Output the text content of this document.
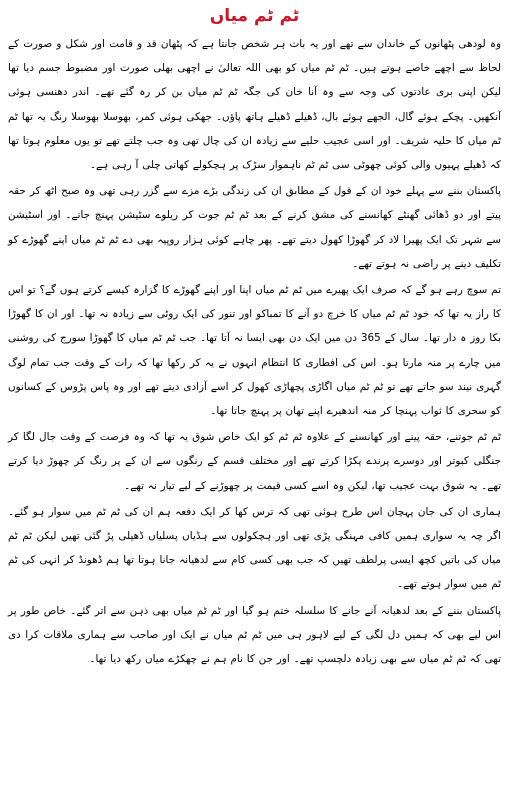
ٹم ٹم میاں

وہ لودھی پٹھانوں کے خاندان سے تھے اور یہ بات ہر شخص جانتا ہے کہ پٹھان قد و قامت اور شکل و صورت کے لحاظ سے اچھے خاصے ہوتے ہیں۔ ٹم ٹم میاں کو بھی اللہ تعالیٰ نے اچھی بھلی صورت اور مضبوط جسم دیا تھا لیکن اپنی بری عادتوں کی وجہ سے وہ آنا خان کی جگہ ٹم ٹم میاں بن کر رہ گئے تھے۔ اندر دھنسی ہوئی آنکھیں۔ پچکے ہوئے گال، الجھے ہوئے بال، ڈھیلے ڈھیلے ہاتھ پاؤں۔ جھکی ہوئی کمر، بھوسلا بھوسلا رنگ یہ تھا ٹم ٹم میاں کا حلیہ شریف۔ اور اسی عجیب حلیے سے زیادہ ان کی چال تھی وہ جب چلتے تھے تو یوں معلوم ہوتا تھا کہ ڈھیلے پہیوں والی کوئی چھوٹی سی ٹم ٹم ناہموار سڑک پر ہچکولے کھاتی چلی آ رہی ہے۔

پاکستان بننے سے پہلے خود ان کے قول کے مطابق ان کی زندگی بڑے مزے سے گزر رہی تھی وہ صبح اٹھ کر حقہ پیتے اور دو ڈھائی گھنٹے کھانسنے کی مشق کرنے کے بعد ٹم ٹم جوت کر ریلوے سٹیشن پہنچ جاتے۔ اور اسٹیشن سے شہر تک ایک پھیرا لاد کر گھوڑا کھول دیتے تھے۔ پھر چاہے کوئی ہزار روپیہ بھی دے ٹم ٹم میاں اپنے گھوڑے کو تکلیف دینے پر راضی نہ ہوتے تھے۔

تم سوچ رہے ہو گے کہ صرف ایک پھیرے میں ٹم ٹم میاں اپنا اور اپنے گھوڑے کا گزارہ کیسے کرتے ہوں گے؟ تو اس کا راز یہ تھا کہ خود ٹم ٹم میاں کا خرچ دو آنے کا تمباکو اور تنور کی ایک روٹی سے زیادہ نہ تھا۔ اور ان کا گھوڑا بکا روز ہ دار تھا۔ سال کے 365 دن میں ایک دن بھی ایسا نہ آتا تھا۔ جب ٹم ٹم میاں کا گھوڑا سورج کی روشنی میں چارے پر منہ مارتا ہو۔ اس کی افطاری کا انتظام انہوں نے یہ کر رکھا تھا کہ رات کے وقت جب تمام لوگ گہری نیند سو جاتے تھے تو ٹم ٹم میاں اگاڑی پچھاڑی کھول کر اسے آزادی دیتے تھے اور وہ پاس پڑوس کے کسانوں کو سحری کا ثواب پہنچا کر منہ اندھیرے اپنے تھان پر پہنچ جاتا تھا۔

ٹم ٹم جوتنے، حقہ پینے اور کھانسنے کے علاوہ ٹم ٹم کو ایک خاص شوق یہ تھا کہ وہ فرصت کے وقت جال لگا کر جنگلی کبوتر اور دوسرے پرندے پکڑا کرتے تھے اور مختلف قسم کے رنگوں سے ان کے پر رنگ کر چھوڑ دیا کرتے تھے۔ یہ شوق بہت عجیب تھا، لیکن وہ اسے کسی قیمت پر چھوڑنے کے لیے تیار نہ تھے۔

ہماری ان کی جان پہچان اس طرح ہوئی تھی کہ ترس کھا کر ایک دفعہ ہم ان کی ٹم ٹم میں سوار ہو گئے۔ اگر چہ یہ سواری ہمیں کافی مہنگی پڑی تھی اور ہچکولوں سے ہڈیاں پسلیاں ڈھیلی پڑ گئی تھیں لیکن ٹم ٹم میاں کی باتیں کچھ ایسی پرلطف تھیں کہ جب بھی کسی کام سے لدھیانہ جانا ہوتا تھا ہم ڈھونڈ کر انہی کی ٹم ٹم میں سوار ہوتے تھے۔

پاکستان بننے کے بعد لدھیانہ آنے جانے کا سلسلہ ختم ہو گیا اور ٹم ٹم میاں بھی ذہن سے اتر گئے۔ خاص طور پر اس لیے بھی کہ ہمیں دل لگی کے لیے لاہور ہی میں ٹم ٹم میاں نے ایک اور صاحب سے ہماری ملاقات کرا دی تھی کہ ٹم ٹم میاں سے بھی زیادہ دلچسپ تھے۔ اور جن کا نام ہم نے چھکڑے میاں رکھ دیا تھا۔
